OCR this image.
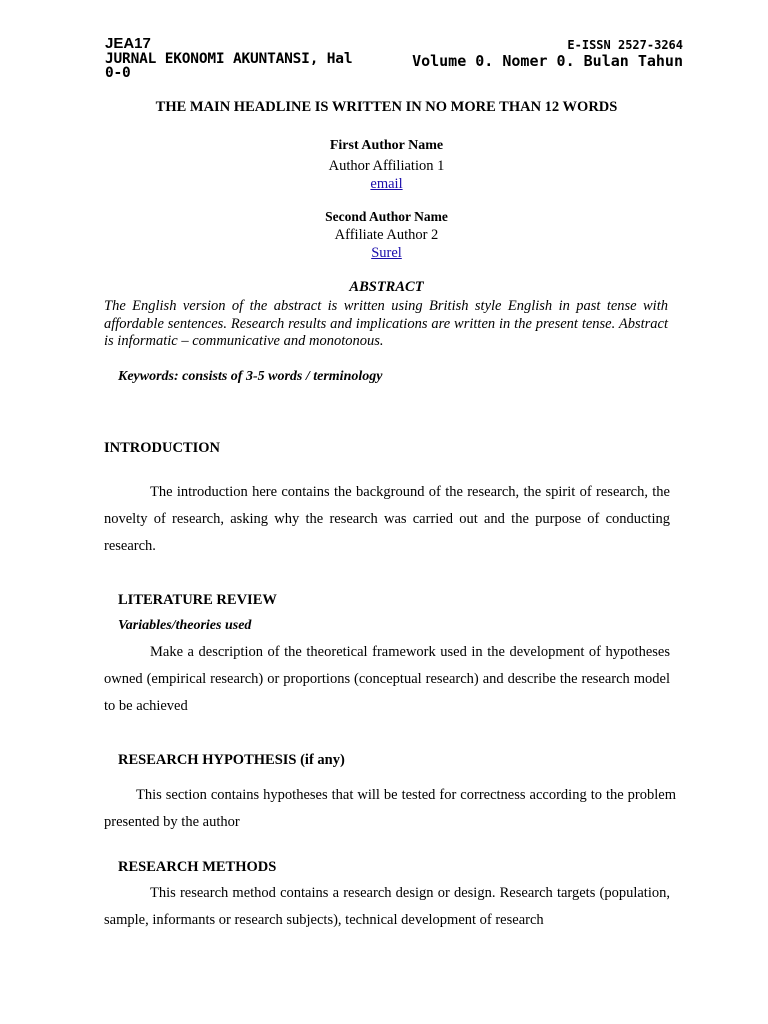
JEA17
JURNAL EKONOMI AKUNTANSI, Hal 0-0
E-ISSN 2527-3264
Volume 0. Nomer 0. Bulan Tahun
THE MAIN HEADLINE IS WRITTEN IN NO MORE THAN 12 WORDS
First Author Name
Author Affiliation 1
email
Second Author Name
Affiliate Author 2
Surel
ABSTRACT
The English version of the abstract is written using British style English in past tense with affordable sentences. Research results and implications are written in the present tense. Abstract is informatic – communicative and monotonous.
Keywords: consists of 3-5 words / terminology
INTRODUCTION
The introduction here contains the background of the research, the spirit of research, the novelty of research, asking why the research was carried out and the purpose of conducting research.
LITERATURE REVIEW
Variables/theories used
Make a description of the theoretical framework used in the development of hypotheses owned (empirical research) or proportions (conceptual research) and describe the research model to be achieved
RESEARCH HYPOTHESIS (if any)
This section contains hypotheses that will be tested for correctness according to the problem presented by the author
RESEARCH METHODS
This research method contains a research design or design. Research targets (population, sample, informants or research subjects), technical development of research
